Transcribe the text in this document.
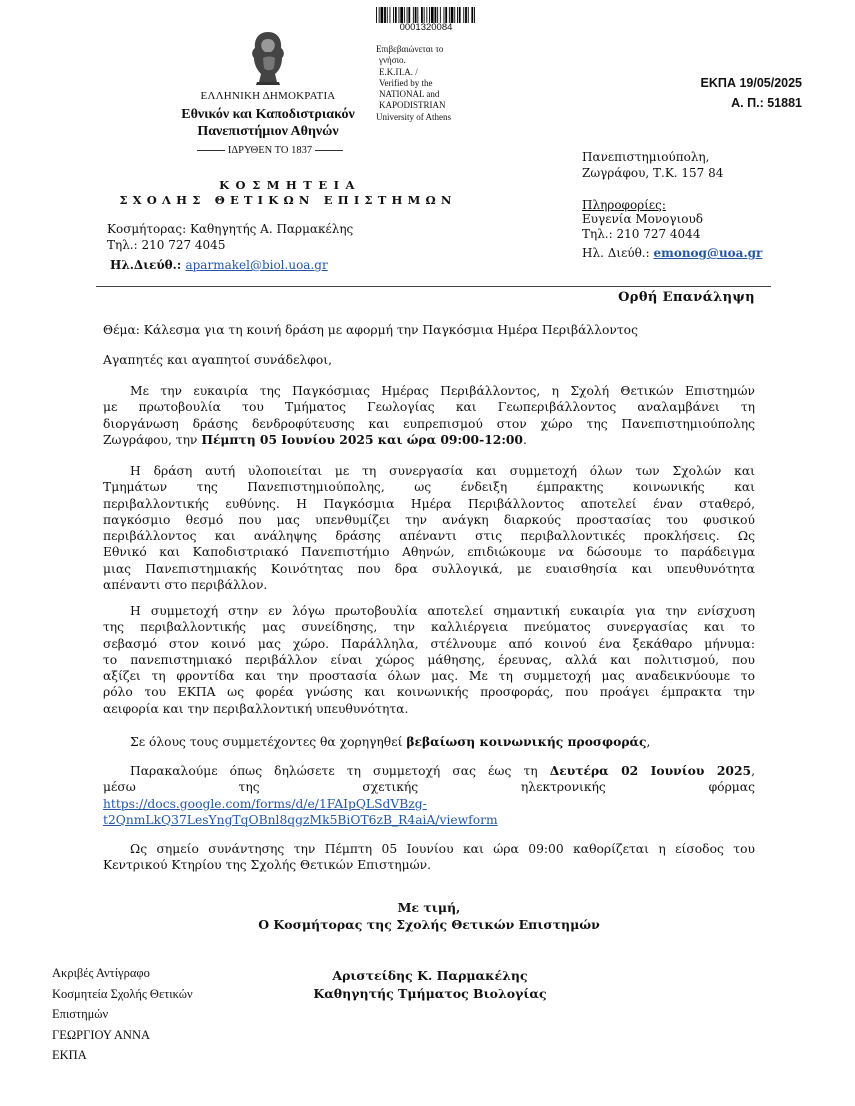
0001320084
Επιβεβαιώνεται το
γνήσιο.
Ε.Κ.Π.Α. /
Verified by the
NATIONAL and
KAPODISTRIAN
University of Athens
ΕΛΛΗΝΙΚΗ ΔΗΜΟΚΡΑΤΙΑ
Εθνικόν και Καποδιστριακόν
Πανεπιστήμιον Αθηνών
ΙΔΡΥΘΕΝ ΤΟ 1837
ΕΚΠΑ 19/05/2025
Α. Π.: 51881
ΚΟΣΜΗΤΕΙΑ
ΣΧΟΛΗΣ ΘΕΤΙΚΩΝ ΕΠΙΣΤΗΜΩΝ
Κοσμήτορας: Καθηγητής Α. Παρμακέλης
Τηλ.: 210 727 4045
Ηλ.Διεύθ.: aparmakel@biol.uoa.gr
Πανεπιστημιούπολη,
Ζωγράφου, Τ.Κ. 157 84
Πληροφορίες:
Ευγενία Μονογιουδ
Τηλ.: 210 727 4044
Ηλ. Διεύθ.: emonog@uoa.gr
Ορθή Επανάληψη
Θέμα: Κάλεσμα για τη κοινή δράση με αφορμή την Παγκόσμια Ημέρα Περιβάλλοντος
Αγαπητές και αγαπητοί συνάδελφοι,
Με την ευκαιρία της Παγκόσμιας Ημέρας Περιβάλλοντος, η Σχολή Θετικών Επιστημών
με πρωτοβουλία του Τμήματος Γεωλογίας και Γεωπεριβάλλοντος αναλαμβάνει τη
διοργάνωση δράσης δενδροφύτευσης και ευπρεπισμού στον χώρο της Πανεπιστημιούπολης
Ζωγράφου, την Πέμπτη 05 Ιουνίου 2025 και ώρα 09:00-12:00.
Η δράση αυτή υλοποιείται με τη συνεργασία και συμμετοχή όλων των Σχολών και
Τμημάτων της Πανεπιστημιούπολης, ως ένδειξη έμπρακτης κοινωνικής και
περιβαλλοντικής ευθύνης. Η Παγκόσμια Ημέρα Περιβάλλοντος αποτελεί έναν σταθερό,
παγκόσμιο θεσμό που μας υπενθυμίζει την ανάγκη διαρκούς προστασίας του φυσικού
περιβάλλοντος και ανάληψης δράσης απέναντι στις περιβαλλοντικές προκλήσεις. Ως
Εθνικό και Καποδιστριακό Πανεπιστήμιο Αθηνών, επιδιώκουμε να δώσουμε το παράδειγμα
μιας Πανεπιστημιακής Κοινότητας που δρα συλλογικά, με ευαισθησία και υπευθυνότητα
απέναντι στο περιβάλλον.
Η συμμετοχή στην εν λόγω πρωτοβουλία αποτελεί σημαντική ευκαιρία για την ενίσχυση
της περιβαλλοντικής μας συνείδησης, την καλλιέργεια πνεύματος συνεργασίας και το
σεβασμό στον κοινό μας χώρο. Παράλληλα, στέλνουμε από κοινού ένα ξεκάθαρο μήνυμα:
το πανεπιστημιακό περιβάλλον είναι χώρος μάθησης, έρευνας, αλλά και πολιτισμού, που
αξίζει τη φροντίδα και την προστασία όλων μας. Με τη συμμετοχή μας αναδεικνύουμε το
ρόλο του ΕΚΠΑ ως φορέα γνώσης και κοινωνικής προσφοράς, που προάγει έμπρακτα την
αειφορία και την περιβαλλοντική υπευθυνότητα.
Σε όλους τους συμμετέχοντες θα χορηγηθεί βεβαίωση κοινωνικής προσφοράς,
Παρακαλούμε όπως δηλώσετε τη συμμετοχή σας έως τη Δευτέρα 02 Ιουνίου 2025,
μέσω της σχετικής ηλεκτρονικής φόρμας
https://docs.google.com/forms/d/e/1FAIpQLSdVBzg-
t2QnmLkQ37LesYngTqOBnl8qgzMk5BiOT6zB_R4aiA/viewform
Ως σημείο συνάντησης την Πέμπτη 05 Ιουνίου και ώρα 09:00 καθορίζεται η είσοδος του
Κεντρικού Κτηρίου της Σχολής Θετικών Επιστημών.
Με τιμή,
Ο Κοσμήτορας της Σχολής Θετικών Επιστημών
Αριστείδης Κ. Παρμακέλης
Καθηγητής Τμήματος Βιολογίας
Ακριβές Αντίγραφο
Κοσμητεία Σχολής Θετικών
Επιστημών
ΓΕΩΡΓΙΟΥ ΑΝΝΑ
ΕΚΠΑ
